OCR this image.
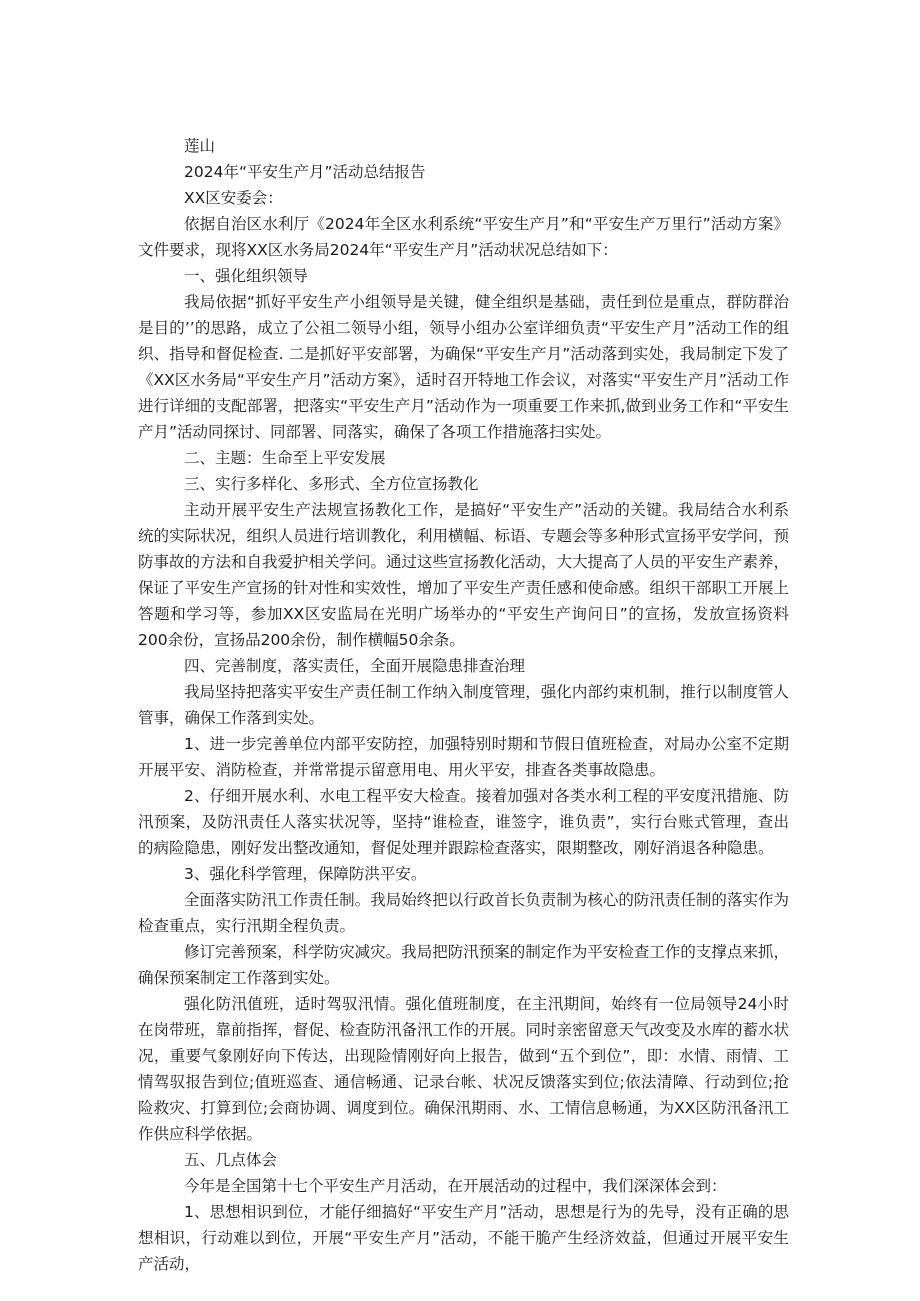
莲山

2024年“平安生产月”活动总结报告

XX区安委会：

依据自治区水利厅《2024年全区水利系统“平安生产月”和“平安生产万里行”活动方案》文件要求，现将XX区水务局2024年“平安生产月”活动状况总结如下：

一、强化组织领导

我局依据“抓好平安生产小组领导是关键，健全组织是基础，责任到位是重点，群防群治是目的’’的思路，成立了公祖二领导小组，领导小组办公室详细负责“平安生产月”活动工作的组织、指导和督促检查. 二是抓好平安部署，为确保“平安生产月”活动落到实处，我局制定下发了《XX区水务局“平安生产月”活动方案》，适时召开特地工作会议，对落实“平安生产月”活动工作进行详细的支配部署，把落实“平安生产月”活动作为一项重要工作来抓,做到业务工作和“平安生产月”活动同探讨、同部署、同落实，确保了各项工作措施落扫实处。

二、主题：生命至上平安发展

三、实行多样化、多形式、全方位宣扬教化

主动开展平安生产法规宣扬教化工作，是搞好“平安生产”活动的关键。我局结合水利系统的实际状况，组织人员进行培训教化，利用横幅、标语、专题会等多种形式宣扬平安学问，预防事故的方法和自我爱护相关学问。通过这些宣扬教化活动，大大提高了人员的平安生产素养，保证了平安生产宣扬的针对性和实效性，增加了平安生产责任感和使命感。组织干部职工开展上答题和学习等，参加XX区安监局在光明广场举办的“平安生产询问日”的宣扬，发放宣扬资料200余份，宣扬品200余份，制作横幅50余条。

四、完善制度，落实责任，全面开展隐患排查治理

我局坚持把落实平安生产责任制工作纳入制度管理，强化内部约束机制，推行以制度管人管事，确保工作落到实处。

1、进一步完善单位内部平安防控，加强特别时期和节假日值班检查，对局办公室不定期开展平安、消防检查，并常常提示留意用电、用火平安，排查各类事故隐患。

2、仔细开展水利、水电工程平安大检查。接着加强对各类水利工程的平安度汛措施、防汛预案，及防汛责任人落实状况等，坚持“谁检查，谁签字，谁负责”，实行台账式管理，查出的病险隐患，刚好发出整改通知，督促处理并跟踪检查落实，限期整改，刚好消退各种隐患。

3、强化科学管理，保障防洪平安。

全面落实防汛工作责任制。我局始终把以行政首长负责制为核心的防汛责任制的落实作为检查重点，实行汛期全程负责。

修订完善预案，科学防灾减灾。我局把防汛预案的制定作为平安检查工作的支撑点来抓，确保预案制定工作落到实处。

强化防汛值班，适时驾驭汛情。强化值班制度，在主汛期间，始终有一位局领导24小时在岗带班，靠前指挥，督促、检查防汛备汛工作的开展。同时亲密留意天气改变及水库的蓄水状况，重要气象刚好向下传达，出现险情刚好向上报告，做到“五个到位”，即：水情、雨情、工情驾驭报告到位;值班巡查、通信畅通、记录台帐、状况反馈落实到位;依法清障、行动到位;抢险救灾、打算到位;会商协调、调度到位。确保汛期雨、水、工情信息畅通，为XX区防汛备汛工作供应科学依据。

五、几点体会

今年是全国第十七个平安生产月活动，在开展活动的过程中，我们深深体会到：

1、思想相识到位，才能仔细搞好“平安生产月”活动，思想是行为的先导，没有正确的思想相识，行动难以到位，开展“平安生产月”活动，不能干脆产生经济效益，但通过开展平安生产活动，
